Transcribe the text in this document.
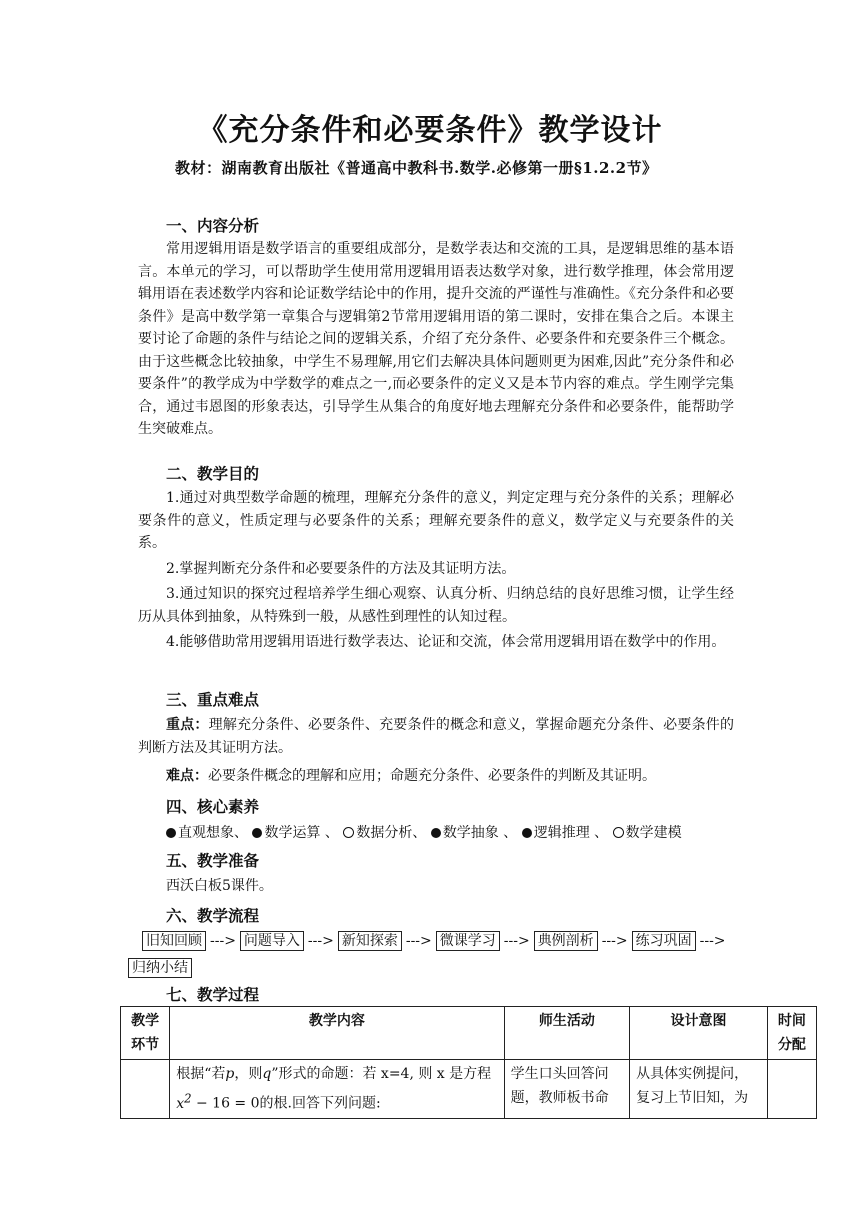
《充分条件和必要条件》教学设计
教材：湖南教育出版社《普通高中教科书.数学.必修第一册§1.2.2节》
一、内容分析

常用逻辑用语是数学语言的重要组成部分，是数学表达和交流的工具，是逻辑思维的基本语言。本单元的学习，可以帮助学生使用常用逻辑用语表达数学对象，进行数学推理，体会常用逻辑用语在表述数学内容和论证数学结论中的作用，提升交流的严谨性与准确性。《充分条件和必要条件》是高中数学第一章集合与逻辑第2节常用逻辑用语的第二课时，安排在集合之后。本课主要讨论了命题的条件与结论之间的逻辑关系，介绍了充分条件、必要条件和充要条件三个概念。由于这些概念比较抽象，中学生不易理解,用它们去解决具体问题则更为困难,因此”充分条件和必要条件”的教学成为中学数学的难点之一,而必要条件的定义又是本节内容的难点。学生刚学完集合，通过韦恩图的形象表达，引导学生从集合的角度好地去理解充分条件和必要条件，能帮助学生突破难点。

二、教学目的

1.通过对典型数学命题的梳理，理解充分条件的意义，判定定理与充分条件的关系；理解必要条件的意义，性质定理与必要条件的关系；理解充要条件的意义，数学定义与充要条件的关系。

2.掌握判断充分条件和必要要条件的方法及其证明方法。

3.通过知识的探究过程培养学生细心观察、认真分析、归纳总结的良好思维习惯，让学生经历从具体到抽象，从特殊到一般，从感性到理性的认知过程。

4.能够借助常用逻辑用语进行数学表达、论证和交流，体会常用逻辑用语在数学中的作用。

三、重点难点

重点：理解充分条件、必要条件、充要条件的概念和意义，掌握命题充分条件、必要条件的判断方法及其证明方法。

难点：必要条件概念的理解和应用；命题充分条件、必要条件的判断及其证明。

四、核心素养
直观想象、 数学运算 、 数据分析、 数学抽象 、 逻辑推理 、 数学建模
五、教学准备
西沃白板5课件。
六、教学流程
旧知回顾 ---> 问题导入 ---> 新知探索 ---> 微课学习 ---> 典例剖析 ---> 练习巩固 --->
归纳小结
七、教学过程
教学环节	教学内容	师生活动	设计意图	时间分配
	根据“若p，则q”形式的命题：若 x=4, 则 x 是方程 $x^2 - 16 = 0$的根.回答下列问题:	学生口头回答问题，教师板书命	从具体实例提问，复习上节旧知，为	
